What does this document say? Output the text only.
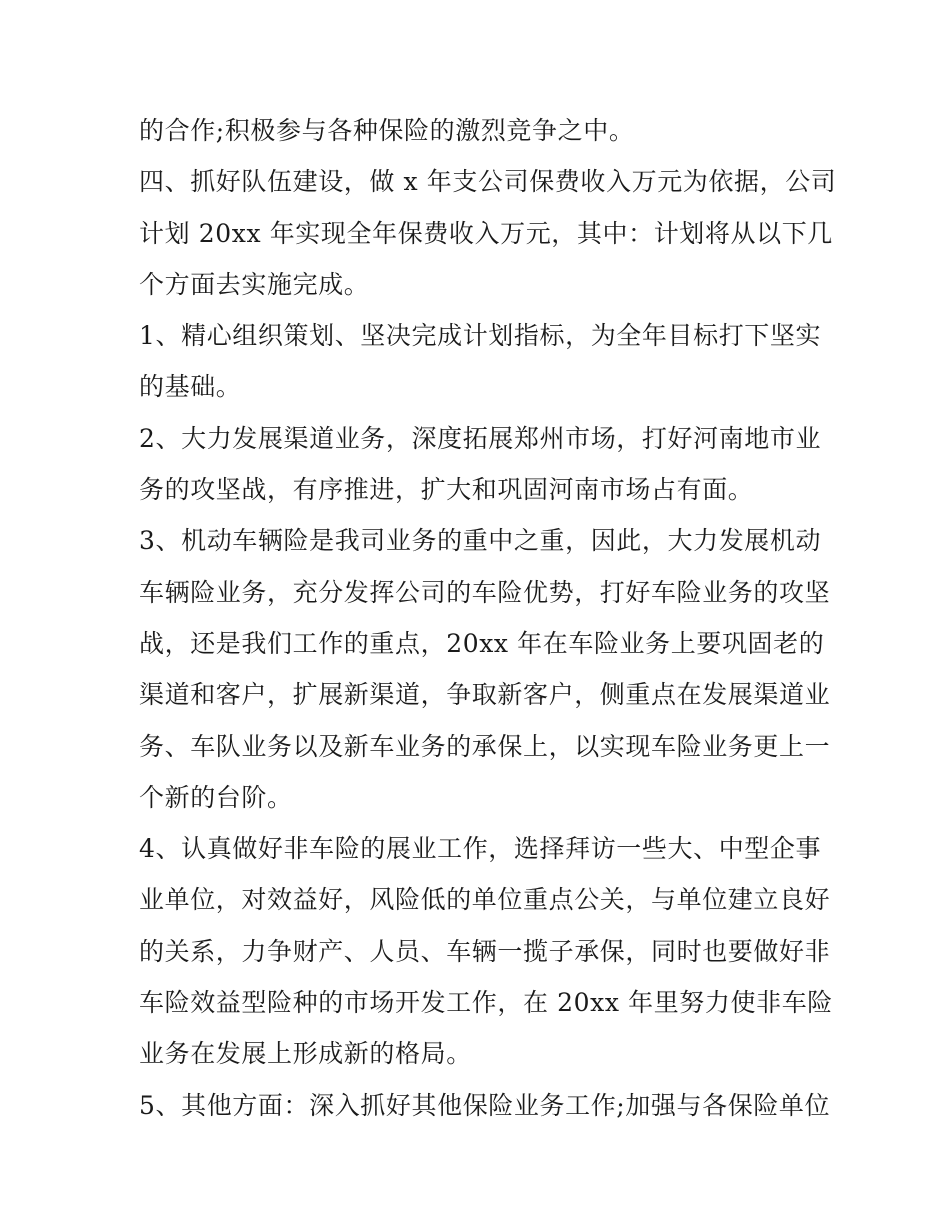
的合作;积极参与各种保险的激烈竞争之中。
四、抓好队伍建设，做 x 年支公司保费收入万元为依据，公司
计划 20xx 年实现全年保费收入万元，其中：计划将从以下几
个方面去实施完成。
1、精心组织策划、坚决完成计划指标，为全年目标打下坚实
的基础。
2、大力发展渠道业务，深度拓展郑州市场，打好河南地市业
务的攻坚战，有序推进，扩大和巩固河南市场占有面。
3、机动车辆险是我司业务的重中之重，因此，大力发展机动
车辆险业务，充分发挥公司的车险优势，打好车险业务的攻坚
战，还是我们工作的重点，20xx 年在车险业务上要巩固老的
渠道和客户，扩展新渠道，争取新客户，侧重点在发展渠道业
务、车队业务以及新车业务的承保上，以实现车险业务更上一
个新的台阶。
4、认真做好非车险的展业工作，选择拜访一些大、中型企事
业单位，对效益好，风险低的单位重点公关，与单位建立良好
的关系，力争财产、人员、车辆一揽子承保，同时也要做好非
车险效益型险种的市场开发工作，在 20xx 年里努力使非车险
业务在发展上形成新的格局。
5、其他方面：深入抓好其他保险业务工作;加强与各保险单位
